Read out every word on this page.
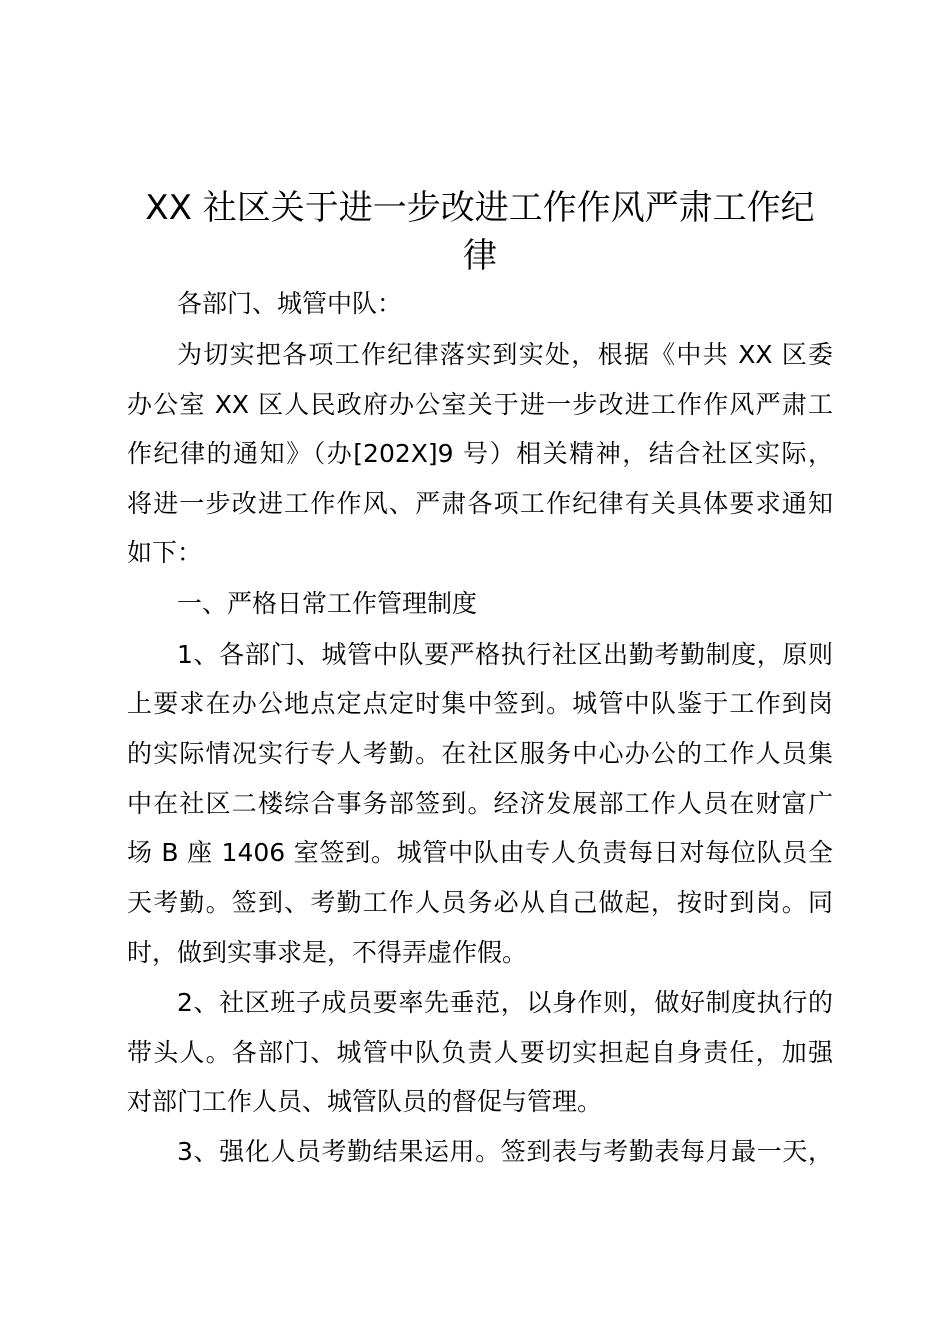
XX 社区关于进一步改进工作作风严肃工作纪
律

各部门、城管中队：

为切实把各项工作纪律落实到实处，根据《中共 XX 区委

办公室 XX 区人民政府办公室关于进一步改进工作作风严肃工

作纪律的通知》（办[202X]9 号）相关精神，结合社区实际，

将进一步改进工作作风、严肃各项工作纪律有关具体要求通知

如下：

一、严格日常工作管理制度

1、各部门、城管中队要严格执行社区出勤考勤制度，原则

上要求在办公地点定点定时集中签到。城管中队鉴于工作到岗

的实际情况实行专人考勤。在社区服务中心办公的工作人员集

中在社区二楼综合事务部签到。经济发展部工作人员在财富广

场 B 座 1406 室签到。城管中队由专人负责每日对每位队员全

天考勤。签到、考勤工作人员务必从自己做起，按时到岗。同

时，做到实事求是，不得弄虚作假。

2、社区班子成员要率先垂范，以身作则，做好制度执行的

带头人。各部门、城管中队负责人要切实担起自身责任，加强

对部门工作人员、城管队员的督促与管理。

3、强化人员考勤结果运用。签到表与考勤表每月最一天，
